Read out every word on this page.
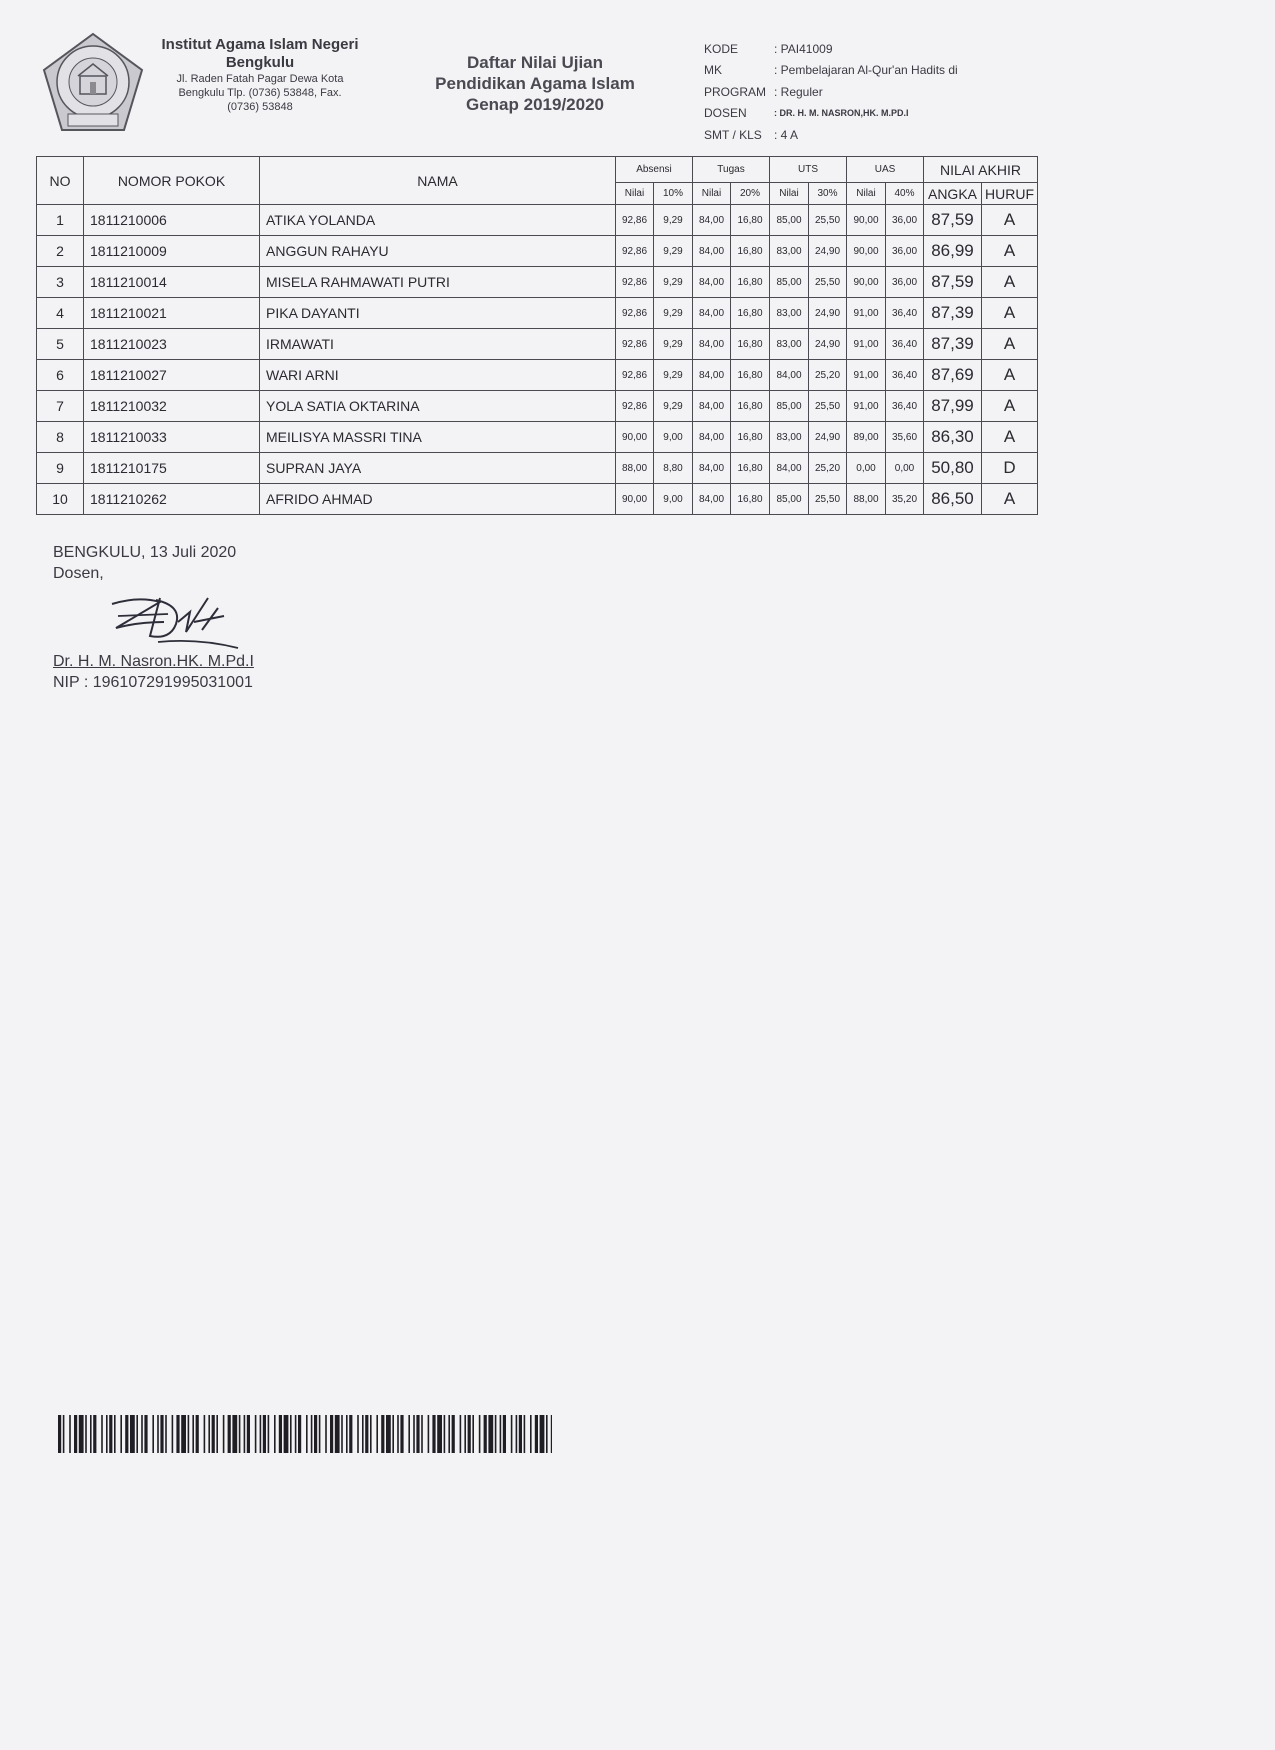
Institut Agama Islam Negeri
Bengkulu
Jl. Raden Fatah Pagar Dewa Kota
Bengkulu Tlp. (0736) 53848, Fax.
(0736) 53848
Daftar Nilai Ujian
Pendidikan Agama Islam
Genap 2019/2020
KODE	: PAI41009
MK	: Pembelajaran Al-Qur'an Hadits di
PROGRAM : Reguler
DOSEN	: DR. H. M. NASRON,HK. M.PD.I
SMT / KLS	: 4 A
NO	NOMOR POKOK	NAMA	Absensi		Tugas		UTS		UAS		NILAI AKHIR	
			Nilai	10%	Nilai	20%	Nilai	30%	Nilai	40%	ANGKA	HURUF
1	1811210006	ATIKA YOLANDA	92,86	9,29	84,00	16,80	85,00	25,50	90,00	36,00	87,59	A
2	1811210009	ANGGUN RAHAYU	92,86	9,29	84,00	16,80	83,00	24,90	90,00	36,00	86,99	A
3	1811210014	MISELA RAHMAWATI PUTRI	92,86	9,29	84,00	16,80	85,00	25,50	90,00	36,00	87,59	A
4	1811210021	PIKA DAYANTI	92,86	9,29	84,00	16,80	83,00	24,90	91,00	36,40	87,39	A
5	1811210023	IRMAWATI	92,86	9,29	84,00	16,80	83,00	24,90	91,00	36,40	87,39	A
6	1811210027	WARI ARNI	92,86	9,29	84,00	16,80	84,00	25,20	91,00	36,40	87,69	A
7	1811210032	YOLA SATIA OKTARINA	92,86	9,29	84,00	16,80	85,00	25,50	91,00	36,40	87,99	A
8	1811210033	MEILISYA MASSRI TINA	90,00	9,00	84,00	16,80	83,00	24,90	89,00	35,60	86,30	A
9	1811210175	SUPRAN JAYA	88,00	8,80	84,00	16,80	84,00	25,20	0,00	0,00	50,80	D
10	1811210262	AFRIDO AHMAD	90,00	9,00	84,00	16,80	85,00	25,50	88,00	35,20	86,50	A
BENGKULU, 13 Juli 2020
Dosen,
Dr. H. M. Nasron.HK. M.Pd.I
NIP : 196107291995031001
